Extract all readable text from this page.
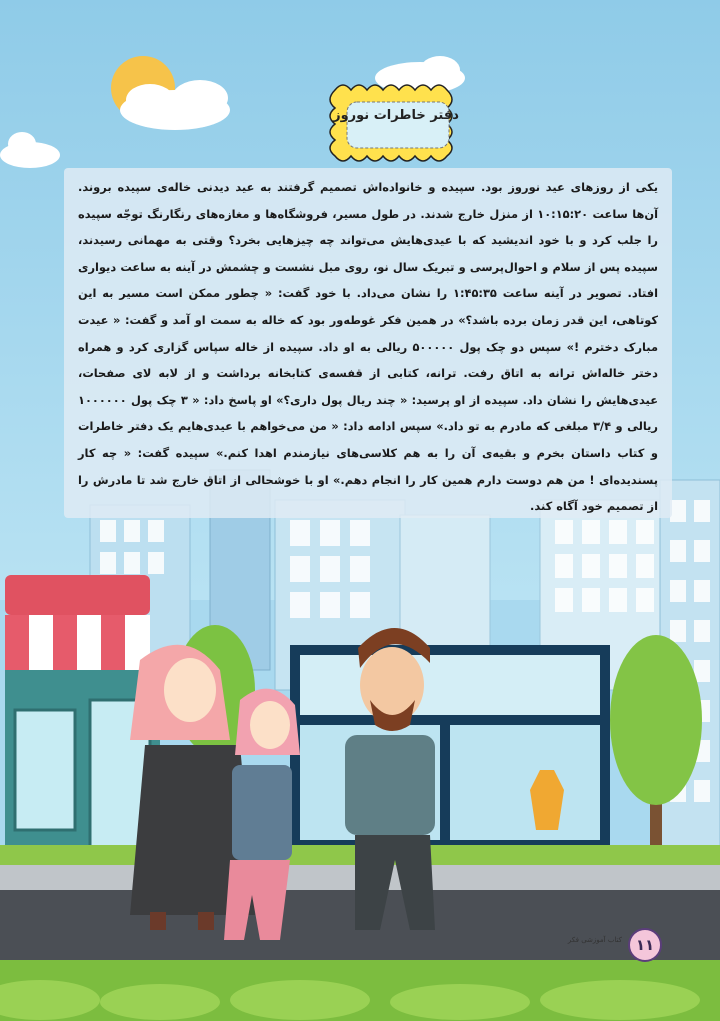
دفتر خاطرات نوروز

یکی از روزهای عید نوروز بود. سپیده و خانواده‌اش تصمیم گرفتند به عید دیدنی خاله‌ی سپیده بروند. آن‌ها ساعت ۱۰:۱۵:۲۰ از منزل خارج شدند. در طول مسیر، فروشگاه‌ها و مغازه‌های رنگارنگ توجّه سپیده را جلب کرد و با خود اندیشید که با عیدی‌هایش می‌تواند چه چیزهایی بخرد؟ وقتی به مهمانی رسیدند، سپیده پس از سلام و احوال‌پرسی و تبریک سال نو، روی مبل نشست و چشمش در آینه به ساعت دیواری افتاد. تصویر در آینه ساعت ۱:۴۵:۳۵ را نشان می‌داد. با خود گفت: « چطور ممکن است مسیر به این کوتاهی، این قدر زمان برده باشد؟» در همین فکر غوطه‌ور بود که خاله به سمت او آمد و گفت: « عیدت مبارک دخترم !» سپس دو چک پول ۵۰۰۰۰۰ ریالی به او داد. سپیده از خاله سپاس گزاری کرد و همراه دختر خاله‌اش ترانه به اتاق رفت. ترانه، کتابی از قفسه‌ی کتابخانه برداشت و از لابه لای صفحات، عیدی‌هایش را نشان داد. سپیده از او پرسید: « چند ریال پول داری؟» او پاسخ داد: « ۳ چک پول ۱۰۰۰۰۰۰ ریالی و ۳/۴ مبلغی که مادرم به تو داد.» سپس ادامه داد: « من می‌خواهم با عیدی‌هایم یک دفتر خاطرات و کتاب داستان بخرم و بقیه‌ی آن را به هم کلاسی‌های نیازمندم اهدا کنم.» سپیده گفت: « چه کار پسندیده‌ای ! من هم دوست دارم همین کار را انجام دهم.» او با خوشحالی از اتاق خارج شد تا مادرش را از تصمیم خود آگاه کند.

کتاب آموزشی فکر ۱۱
